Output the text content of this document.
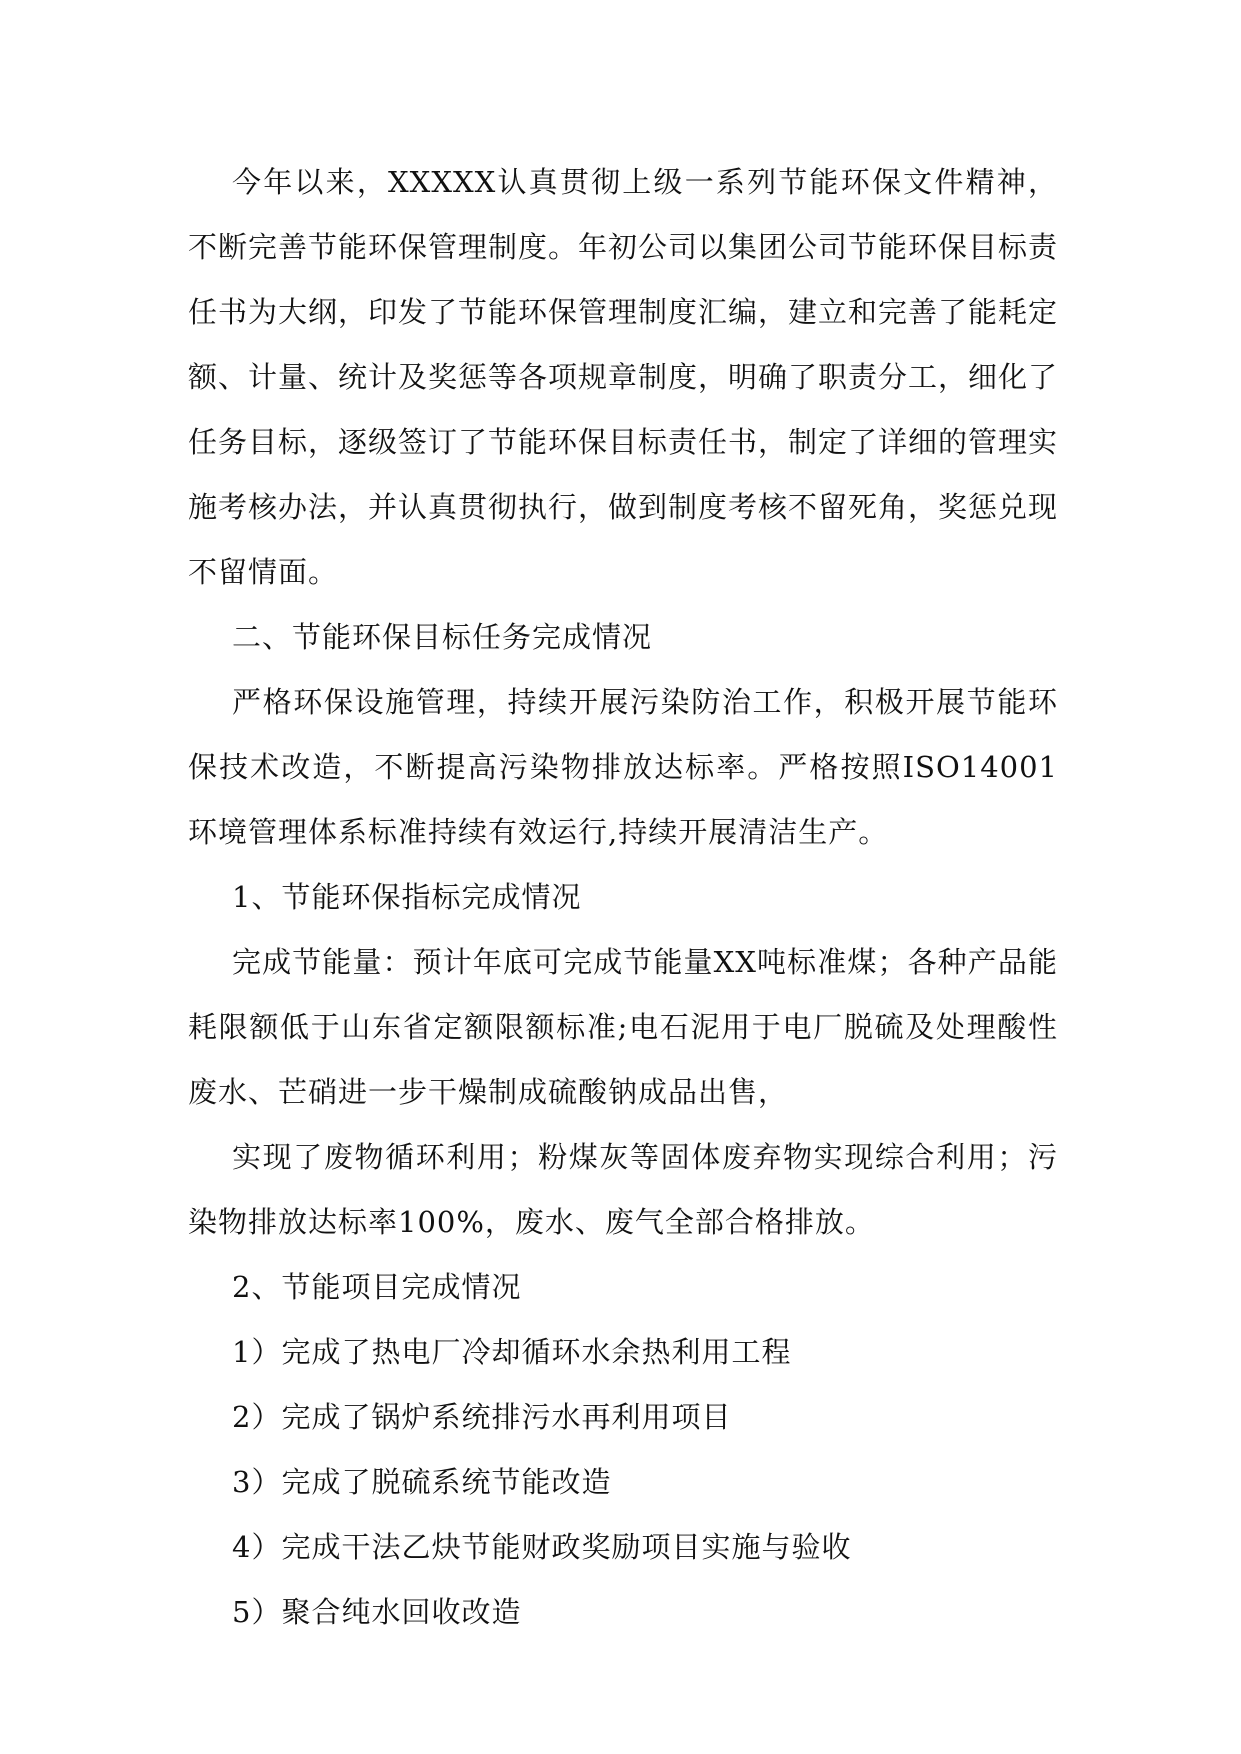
今年以来，XXXXX认真贯彻上级一系列节能环保文件精神，不断完善节能环保管理制度。年初公司以集团公司节能环保目标责任书为大纲，印发了节能环保管理制度汇编，建立和完善了能耗定额、计量、统计及奖惩等各项规章制度，明确了职责分工，细化了任务目标，逐级签订了节能环保目标责任书，制定了详细的管理实施考核办法，并认真贯彻执行，做到制度考核不留死角，奖惩兑现不留情面。

二、节能环保目标任务完成情况

严格环保设施管理，持续开展污染防治工作，积极开展节能环保技术改造，不断提高污染物排放达标率。严格按照ISO14001环境管理体系标准持续有效运行,持续开展清洁生产。

1、节能环保指标完成情况

完成节能量：预计年底可完成节能量XX吨标准煤；各种产品能耗限额低于山东省定额限额标准;电石泥用于电厂脱硫及处理酸性废水、芒硝进一步干燥制成硫酸钠成品出售，

实现了废物循环利用；粉煤灰等固体废弃物实现综合利用；污染物排放达标率100%，废水、废气全部合格排放。

2、节能项目完成情况

1）完成了热电厂冷却循环水余热利用工程

2）完成了锅炉系统排污水再利用项目

3）完成了脱硫系统节能改造

4）完成干法乙炔节能财政奖励项目实施与验收

5）聚合纯水回收改造
